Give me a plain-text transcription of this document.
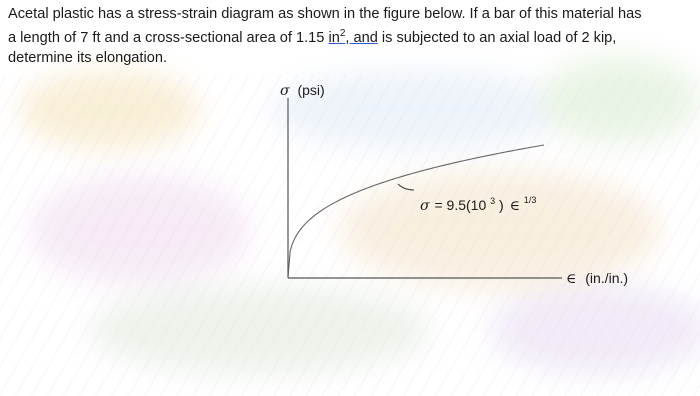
Acetal plastic has a stress-strain diagram as shown in the figure below. If a bar of this material has
a length of 7 ft and a cross-sectional area of 1.15 $in^2$, and is subjected to an axial load of 2 kip,
determine its elongation.
σ (psi)
∈ (in./in.)
σ = 9.5(10 $^3$ ) ∈ $^{1/3}$
